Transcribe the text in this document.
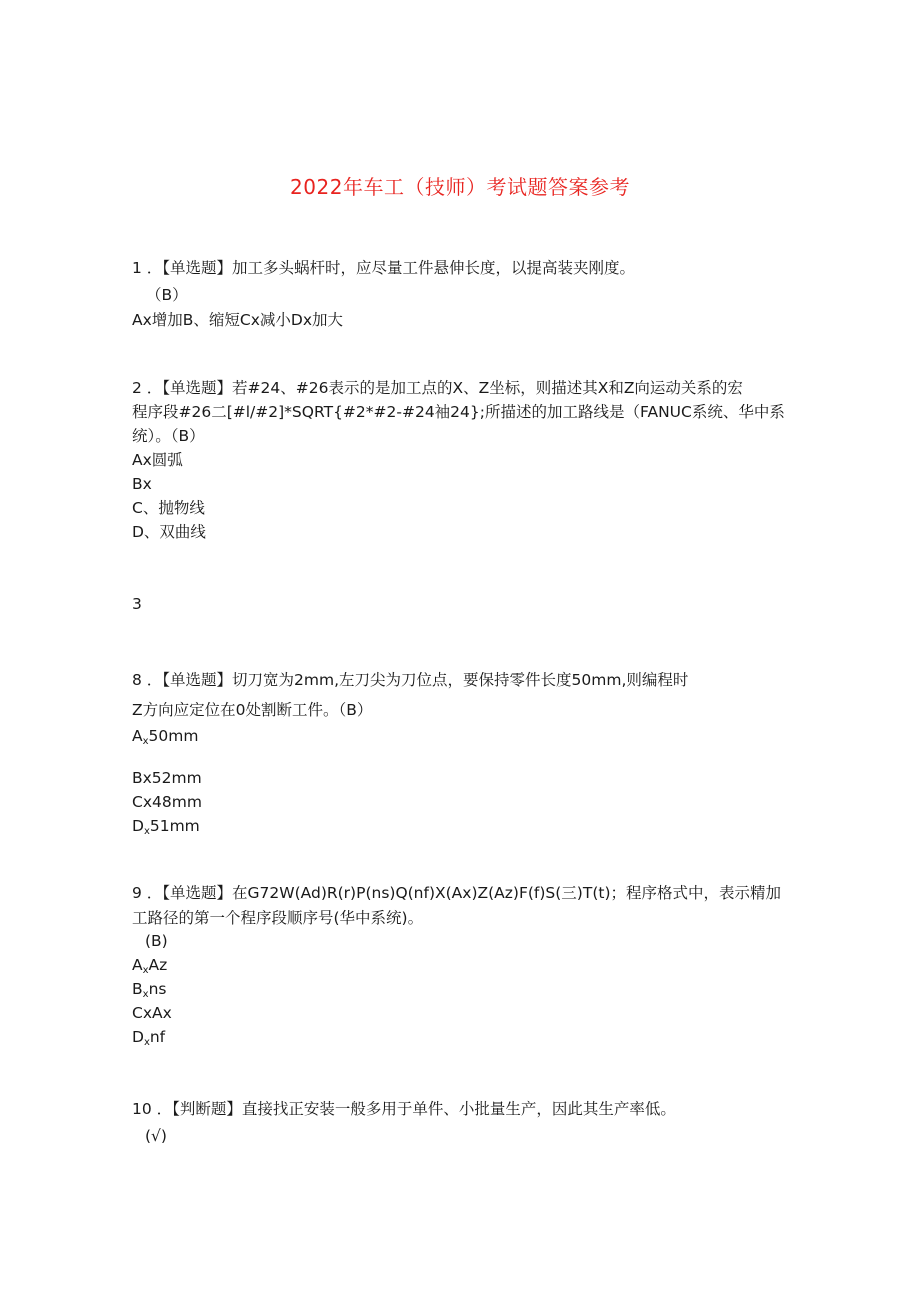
2022年车工（技师）考试题答案参考
1 ．【单选题】加工多头蜗杆时，应尽量工件悬伸长度，以提高装夹刚度。
（B）
Ax增加B、缩短Cx减小Dx加大
2 ．【单选题】若#24、#26表示的是加工点的X、Z坐标，则描述其X和Z向运动关系的宏
程序段#26二[#l/#2]*SQRT{#2*#2-#24袖24};所描述的加工路线是（FANUC系统、华中系
统）。（B）
Ax圆弧
Bx
C、抛物线
D、双曲线
3
8 ．【单选题】切刀宽为2mm,左刀尖为刀位点，要保持零件长度50mm,则编程时
Z方向应定位在0处割断工件。（B）
$A_x50mm$
Bx52mm
Cx48mm
$D_x51mm$
9 ．【单选题】在G72W(Ad)R(r)P(ns)Q(nf)X(Ax)Z(Az)F(f)S(三)T(t)；程序格式中，表示精加
工路径的第一个程序段顺序号(华中系统)。
(B)
$A_xAz$
$B_xns$
CxAx
$D_xnf$
10 ．【判断题】直接找正安装一般多用于单件、小批量生产，因此其生产率低。
(√)
